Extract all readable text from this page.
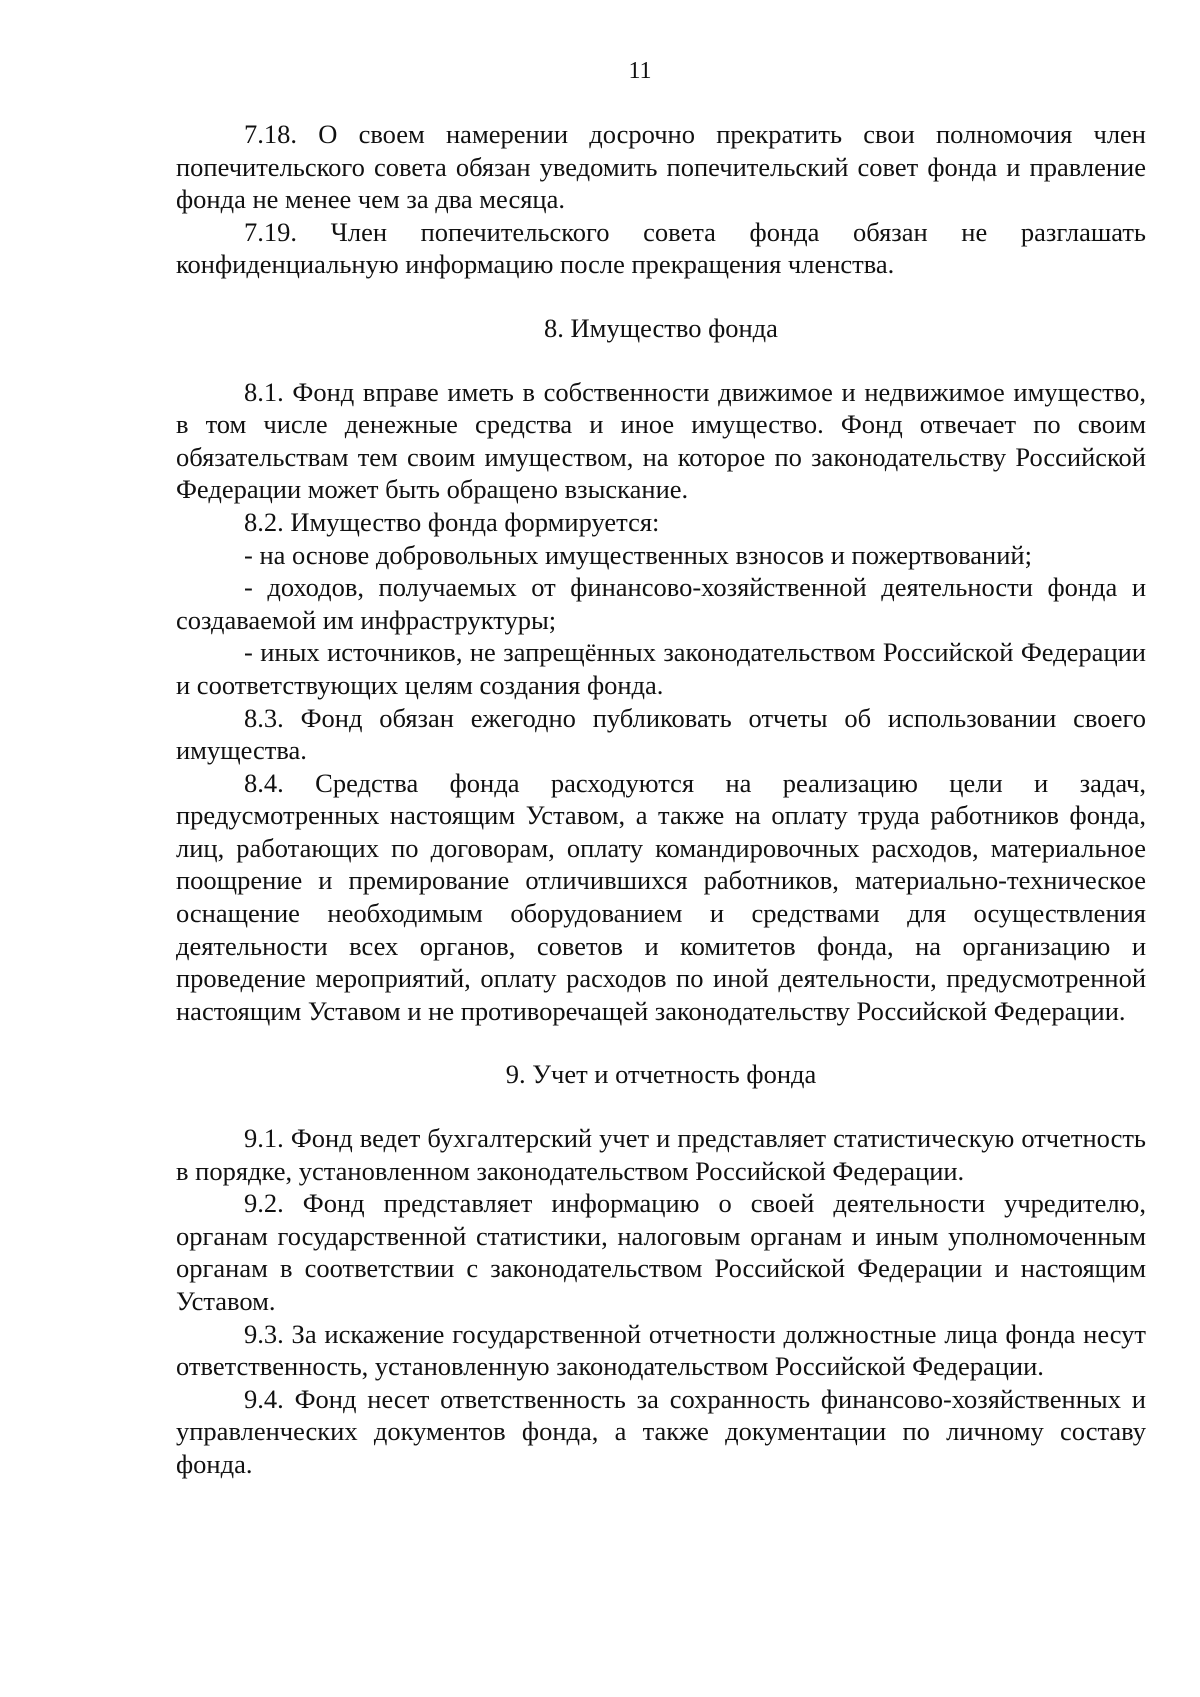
11

7.18. О своем намерении досрочно прекратить свои полномочия член попечительского совета обязан уведомить попечительский совет фонда и правление фонда не менее чем за два месяца.

7.19. Член попечительского совета фонда обязан не разглашать конфиденциальную информацию после прекращения членства.

8. Имущество фонда

8.1. Фонд вправе иметь в собственности движимое и недвижимое имущество, в том числе денежные средства и иное имущество. Фонд отвечает по своим обязательствам тем своим имуществом, на которое по законодательству Российской Федерации может быть обращено взыскание.

8.2. Имущество фонда формируется:

- на основе добровольных имущественных взносов и пожертвований;

- доходов, получаемых от финансово-хозяйственной деятельности фонда и создаваемой им инфраструктуры;

- иных источников, не запрещённых законодательством Российской Федерации и соответствующих целям создания фонда.

8.3. Фонд обязан ежегодно публиковать отчеты об использовании своего имущества.

8.4. Средства фонда расходуются на реализацию цели и задач, предусмотренных настоящим Уставом, а также на оплату труда работников фонда, лиц, работающих по договорам, оплату командировочных расходов, материальное поощрение и премирование отличившихся работников, материально-техническое оснащение необходимым оборудованием и средствами для осуществления деятельности всех органов, советов и комитетов фонда, на организацию и проведение мероприятий, оплату расходов по иной деятельности, предусмотренной настоящим Уставом и не противоречащей законодательству Российской Федерации.

9. Учет и отчетность фонда

9.1. Фонд ведет бухгалтерский учет и представляет статистическую отчетность в порядке, установленном законодательством Российской Федерации.

9.2. Фонд представляет информацию о своей деятельности учредителю, органам государственной статистики, налоговым органам и иным уполномоченным органам в соответствии с законодательством Российской Федерации и настоящим Уставом.

9.3. За искажение государственной отчетности должностные лица фонда несут ответственность, установленную законодательством Российской Федерации.

9.4. Фонд несет ответственность за сохранность финансово-хозяйственных и управленческих документов фонда, а также документации по личному составу фонда.
